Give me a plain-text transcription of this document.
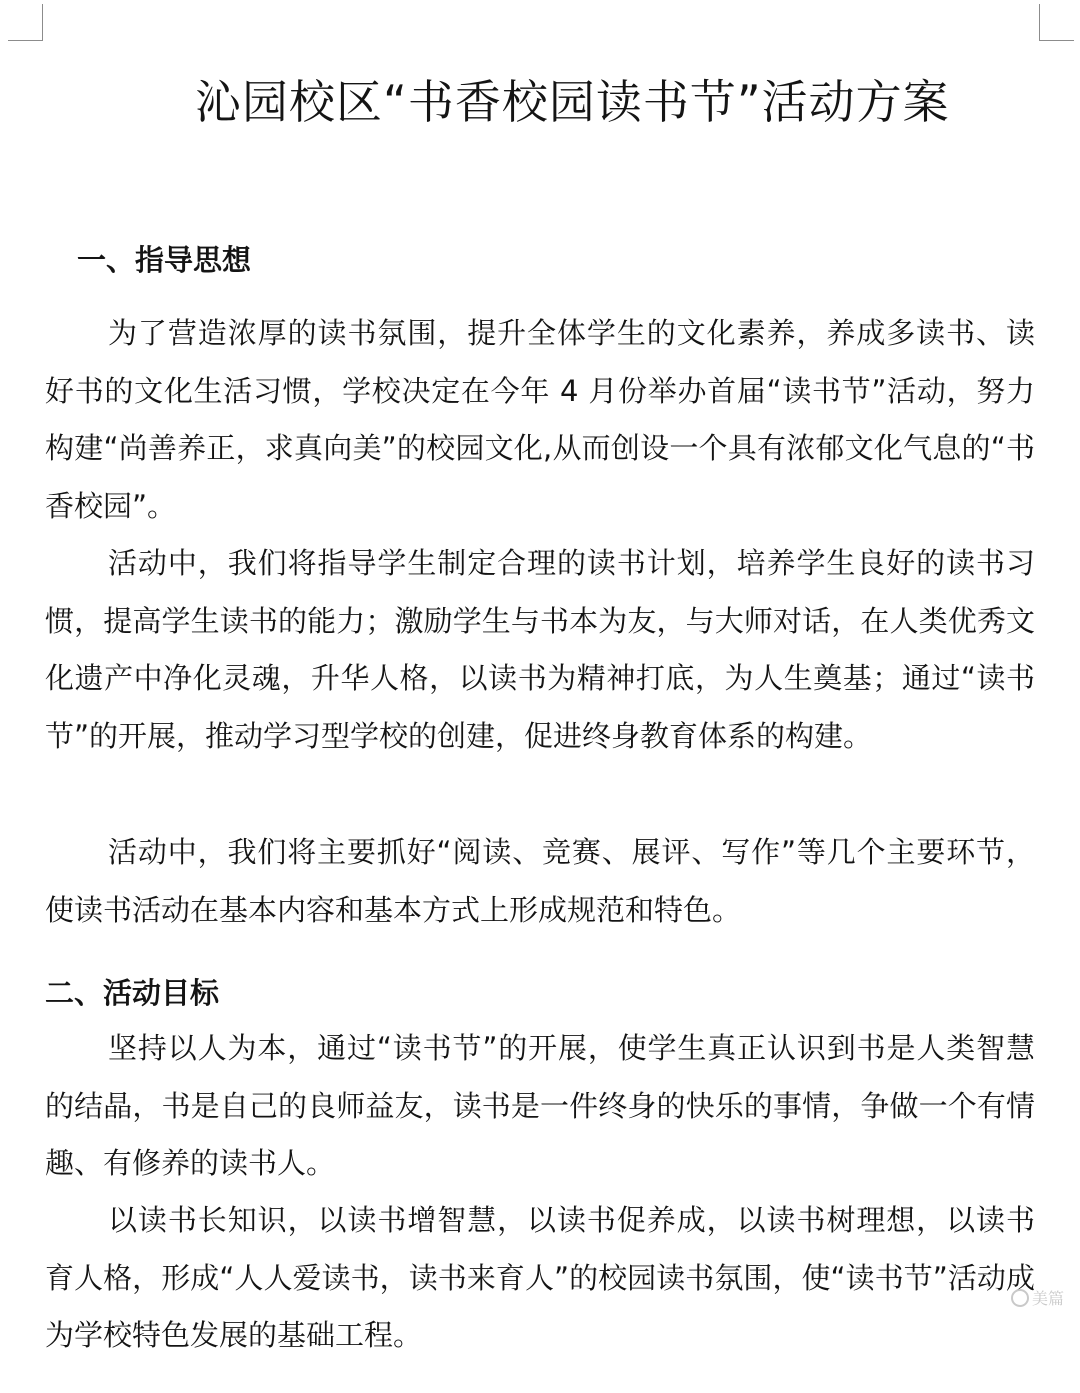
沁园校区“书香校园读书节”活动方案
一、指导思想

为了营造浓厚的读书氛围，提升全体学生的文化素养，养成多读书、读好书的文化生活习惯，学校决定在今年 4 月份举办首届“读书节”活动，努力构建“尚善养正，求真向美”的校园文化,从而创设一个具有浓郁文化气息的“书香校园”。

活动中，我们将指导学生制定合理的读书计划，培养学生良好的读书习惯，提高学生读书的能力；激励学生与书本为友，与大师对话，在人类优秀文化遗产中净化灵魂，升华人格，以读书为精神打底，为人生奠基；通过“读书节”的开展，推动学习型学校的创建，促进终身教育体系的构建。

活动中，我们将主要抓好“阅读、竞赛、展评、写作”等几个主要环节，使读书活动在基本内容和基本方式上形成规范和特色。

二、活动目标

坚持以人为本，通过“读书节”的开展，使学生真正认识到书是人类智慧的结晶，书是自己的良师益友，读书是一件终身的快乐的事情，争做一个有情趣、有修养的读书人。

以读书长知识，以读书增智慧，以读书促养成，以读书树理想，以读书育人格，形成“人人爱读书，读书来育人”的校园读书氛围，使“读书节”活动成 为学校特色发展的基础工程。

美篇
